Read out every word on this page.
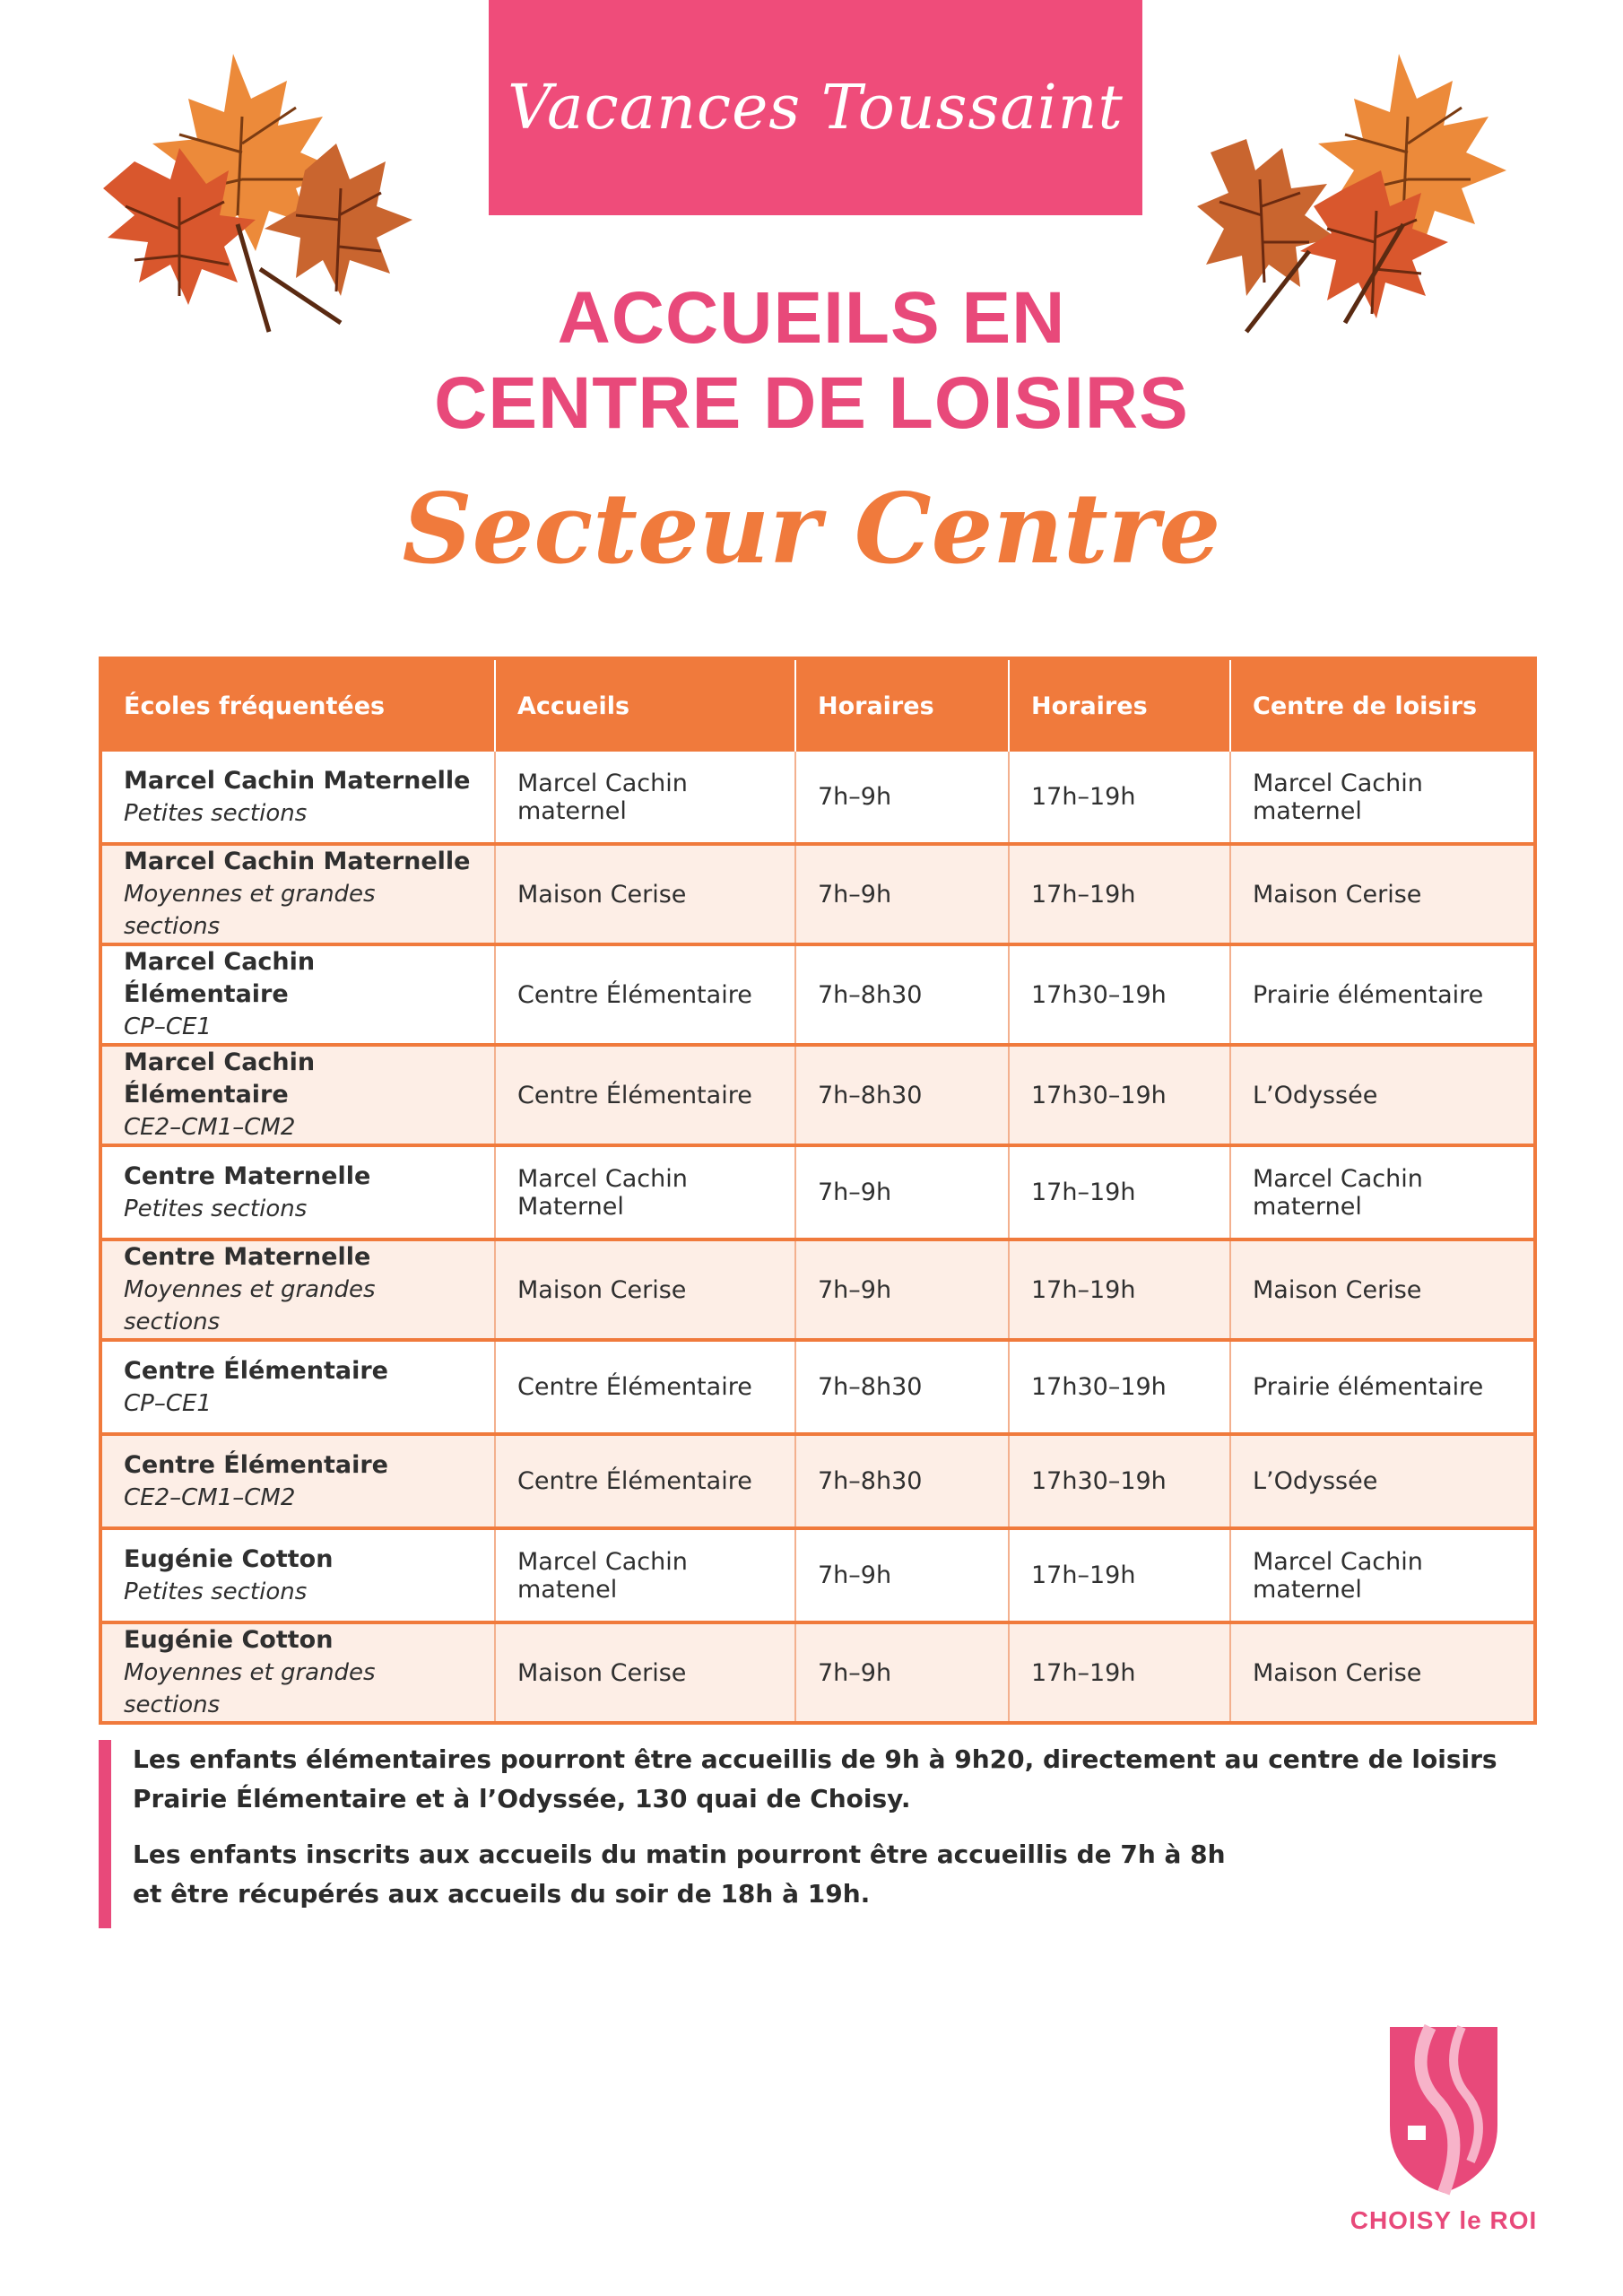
Vacances Toussaint
ACCUEILS EN
CENTRE DE LOISIRS
Secteur Centre
Écoles fréquentées	Accueils	Horaires	Horaires	Centre de loisirs

Marcel Cachin Maternelle
Petites sections	Marcel Cachin maternel	7h–9h	17h–19h	Marcel Cachin maternel

Marcel Cachin Maternelle
Moyennes et grandes sections	Maison Cerise	7h–9h	17h–19h	Maison Cerise

Marcel Cachin Élémentaire
CP–CE1	Centre Élémentaire	7h–8h30	17h30–19h	Prairie élémentaire

Marcel Cachin Élémentaire
CE2–CM1–CM2	Centre Élémentaire	7h–8h30	17h30–19h	L’Odyssée

Centre Maternelle
Petites sections	Marcel Cachin Maternel	7h–9h	17h–19h	Marcel Cachin maternel

Centre Maternelle
Moyennes et grandes sections	Maison Cerise	7h–9h	17h–19h	Maison Cerise

Centre Élémentaire
CP–CE1	Centre Élémentaire	7h–8h30	17h30–19h	Prairie élémentaire

Centre Élémentaire
CE2–CM1–CM2	Centre Élémentaire	7h–8h30	17h30–19h	L’Odyssée

Eugénie Cotton
Petites sections	Marcel Cachin matenel	7h–9h	17h–19h	Marcel Cachin maternel

Eugénie Cotton
Moyennes et grandes sections	Maison Cerise	7h–9h	17h–19h	Maison Cerise

Les enfants élémentaires pourront être accueillis de 9h à 9h20, directement au centre de loisirs Prairie Élémentaire et à l’Odyssée, 130 quai de Choisy.

Les enfants inscrits aux accueils du matin pourront être accueillis de 7h à 8h
et être récupérés aux accueils du soir de 18h à 19h.

CHOISY le ROI
